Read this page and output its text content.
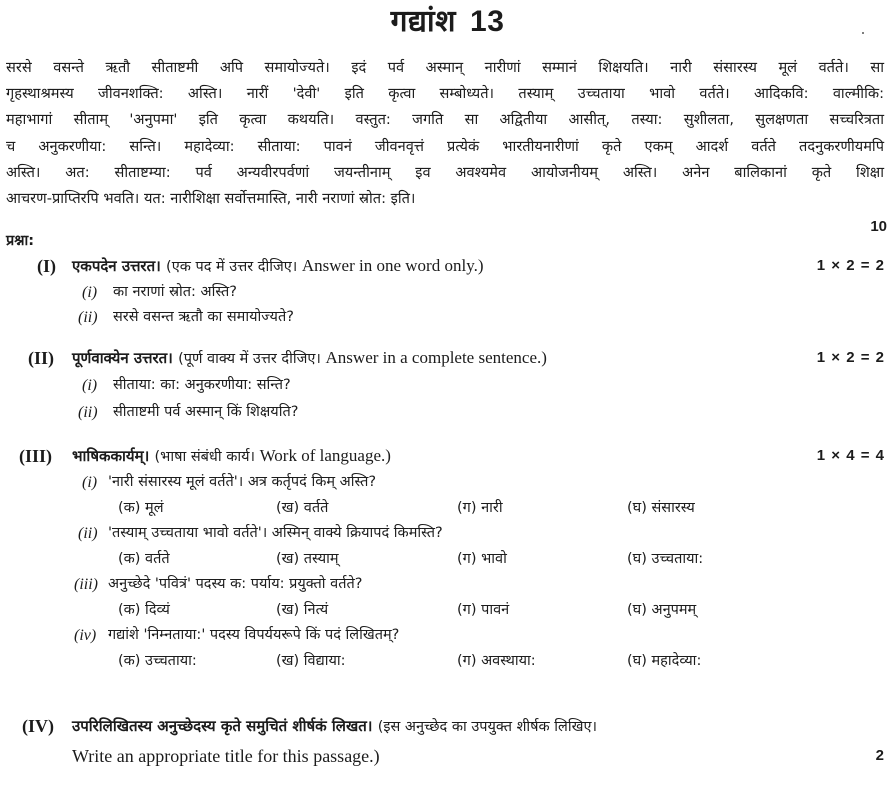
गद्यांश 13
सरसे वसन्ते ऋतौ सीताष्टमी अपि समायोज्यते। इदं पर्व अस्मान् नारीणां सम्मानं शिक्षयति। नारी संसारस्य मूलं वर्तते। सा
गृहस्थाश्रमस्य जीवनशक्ति: अस्ति। नारीं 'देवी' इति कृत्वा सम्बोध्यते। तस्याम् उच्चताया भावो वर्तते। आदिकवि: वाल्मीकि:
महाभागां सीताम् 'अनुपमा' इति कृत्वा कथयति। वस्तुत: जगति सा अद्वितीया आसीत्, तस्या: सुशीलता, सुलक्षणता सच्चरित्रता
च अनुकरणीया: सन्ति। महादेव्या: सीताया: पावनं जीवनवृत्तं प्रत्येकं भारतीयनारीणां कृते एकम् आदर्श वर्तते तदनुकरणीयमपि
अस्ति। अत: सीताष्टम्या: पर्व अन्यवीरपर्वणां जयन्तीनाम् इव अवश्यमेव आयोजनीयम् अस्ति। अनेन बालिकानां कृते शिक्षा
आचरण-प्राप्तिरपि भवति। यत: नारीशिक्षा सर्वोत्तमास्ति, नारी नराणां स्रोत: इति।
10
प्रश्ना:
(I) एकपदेन उत्तरत। (एक पद में उत्तर दीजिए। Answer in one word only.)	1 × 2 = 2
(i) का नराणां स्रोत: अस्ति?
(ii) सरसे वसन्त ऋतौ का समायोज्यते?
(II) पूर्णवाक्येन उत्तरत। (पूर्ण वाक्य में उत्तर दीजिए। Answer in a complete sentence.)	1 × 2 = 2
(i) सीताया: का: अनुकरणीया: सन्ति?
(ii) सीताष्टमी पर्व अस्मान् किं शिक्षयति?
(III) भाषिककार्यम्। (भाषा संबंधी कार्य। Work of language.)	1 × 4 = 4
(i) 'नारी संसारस्य मूलं वर्तते'। अत्र कर्तृपदं किम् अस्ति?
(क) मूलं	(ख) वर्तते	(ग) नारी	(घ) संसारस्य
(ii) 'तस्याम् उच्चताया भावो वर्तते'। अस्मिन् वाक्ये क्रियापदं किमस्ति?
(क) वर्तते	(ख) तस्याम्	(ग) भावो	(घ) उच्चताया:
(iii) अनुच्छेदे 'पवित्रं' पदस्य क: पर्याय: प्रयुक्तो वर्तते?
(क) दिव्यं	(ख) नित्यं	(ग) पावनं	(घ) अनुपमम्
(iv) गद्यांशे 'निम्नताया:' पदस्य विपर्ययरूपे किं पदं लिखितम्?
(क) उच्चताया:	(ख) विद्याया:	(ग) अवस्थाया:	(घ) महादेव्या:
(IV) उपरिलिखितस्य अनुच्छेदस्य कृते समुचितं शीर्षकं लिखत। (इस अनुच्छेद का उपयुक्त शीर्षक लिखिए।
Write an appropriate title for this passage.)	2
